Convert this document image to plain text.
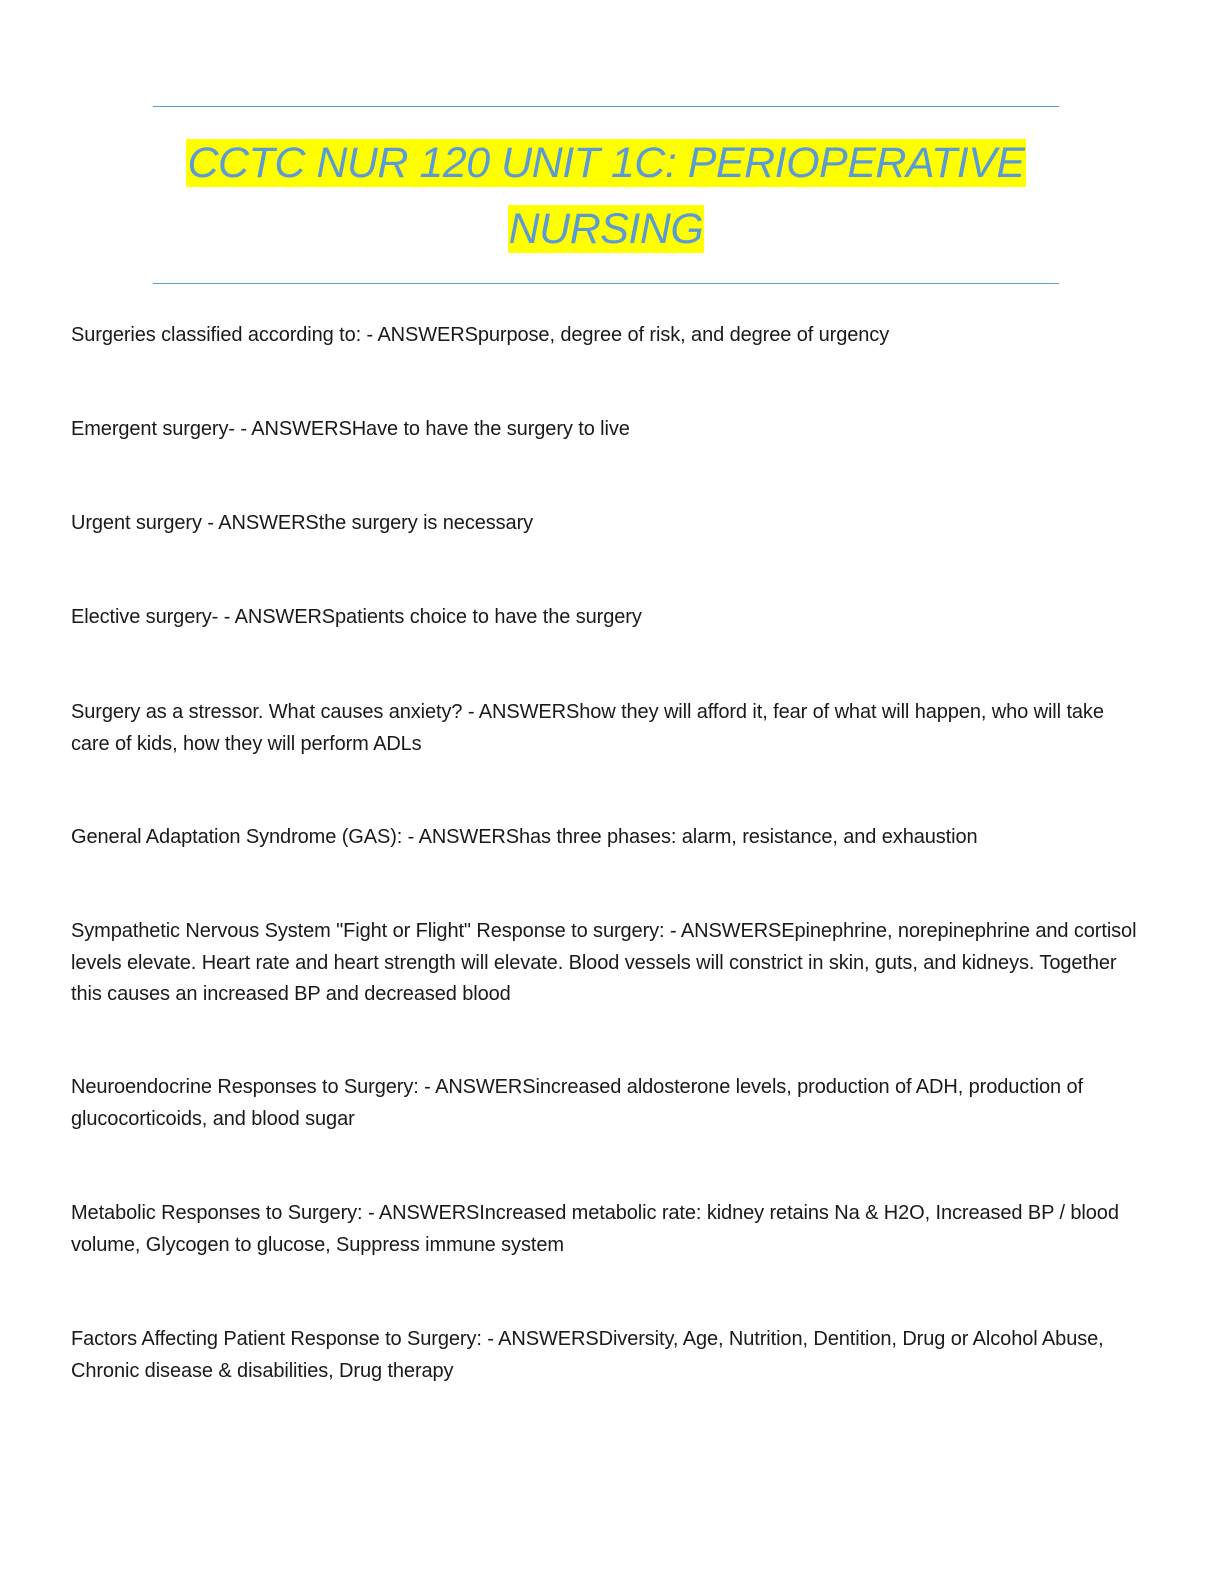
CCTC NUR 120 UNIT 1C: PERIOPERATIVE
NURSING
Surgeries classified according to: - ANSWERSpurpose, degree of risk, and degree of urgency
Emergent surgery- - ANSWERSHave to have the surgery to live
Urgent surgery - ANSWERSthe surgery is necessary
Elective surgery- - ANSWERSpatients choice to have the surgery
Surgery as a stressor. What causes anxiety? - ANSWERShow they will afford it, fear of what will happen, who will take care of kids, how they will perform ADLs
General Adaptation Syndrome (GAS): - ANSWERShas three phases: alarm, resistance, and exhaustion
Sympathetic Nervous System "Fight or Flight" Response to surgery: - ANSWERSEpinephrine, norepinephrine and cortisol levels elevate. Heart rate and heart strength will elevate. Blood vessels will constrict in skin, guts, and kidneys. Together this causes an increased BP and decreased blood
Neuroendocrine Responses to Surgery: - ANSWERSincreased aldosterone levels, production of ADH, production of glucocorticoids, and blood sugar
Metabolic Responses to Surgery: - ANSWERSIncreased metabolic rate: kidney retains Na & H2O, Increased BP / blood volume, Glycogen to glucose, Suppress immune system
Factors Affecting Patient Response to Surgery: - ANSWERSDiversity, Age, Nutrition, Dentition, Drug or Alcohol Abuse, Chronic disease & disabilities, Drug therapy
